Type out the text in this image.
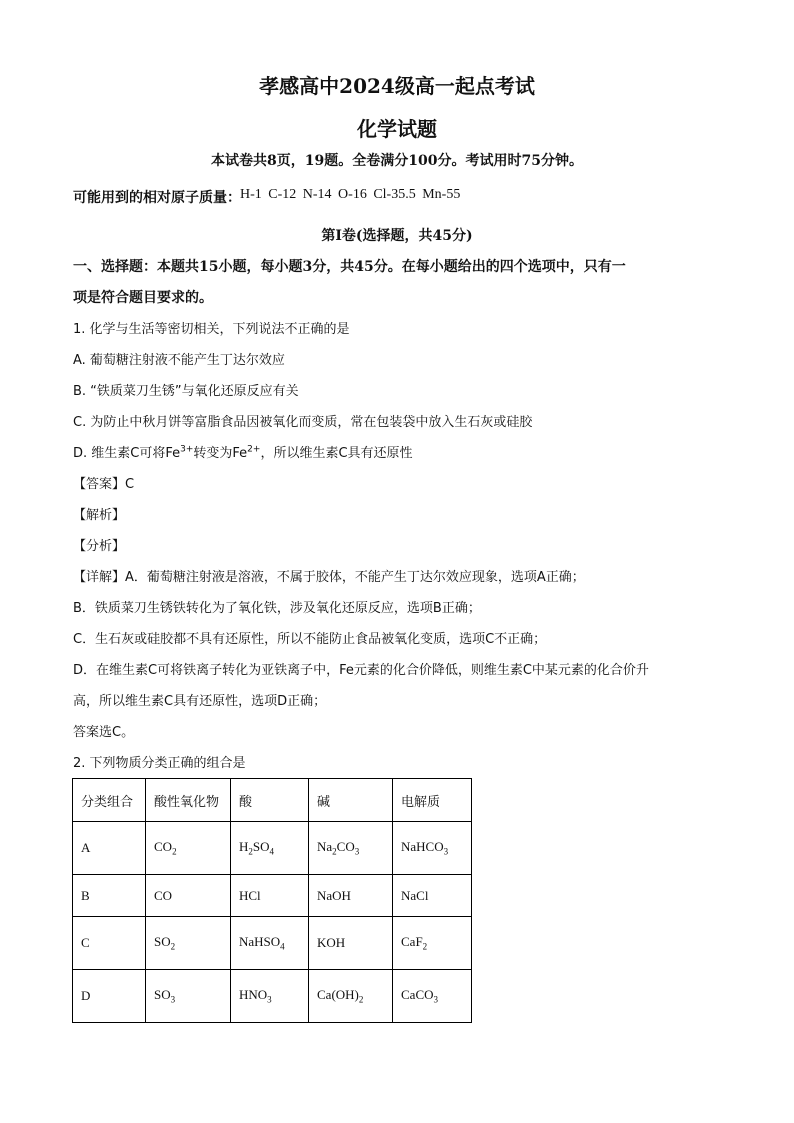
孝感高中2024级高一起点考试
化学试题
本试卷共8页，19题。全卷满分100分。考试用时75分钟。
可能用到的相对原子质量： H-1 C-12 N-14 O-16 Cl-35.5 Mn-55
第I卷(选择题，共45分)
一、选择题：本题共15小题，每小题3分，共45分。在每小题给出的四个选项中，只有一
项是符合题目要求的。
1. 化学与生活等密切相关，下列说法不正确的是
A. 葡萄糖注射液不能产生丁达尔效应
B. “铁质菜刀生锈”与氧化还原反应有关
C. 为防止中秋月饼等富脂食品因被氧化而变质，常在包装袋中放入生石灰或硅胶
D. 维生素C可将$Fe^{3+}$转变为$Fe^{2+}$，所以维生素C具有还原性
【答案】C
【解析】
【分析】
【详解】A．葡萄糖注射液是溶液，不属于胶体，不能产生丁达尔效应现象，选项A正确；
B．铁质菜刀生锈铁转化为了氧化铁，涉及氧化还原反应，选项B正确；
C．生石灰或硅胶都不具有还原性，所以不能防止食品被氧化变质，选项C不正确；
D．在维生素C可将铁离子转化为亚铁离子中，Fe元素的化合价降低，则维生素C中某元素的化合价升
高，所以维生素C具有还原性，选项D正确；
答案选C。
2. 下列物质分类正确的组合是
分类组合	酸性氧化物	酸	碱	电解质
A	$CO_2$	$H_2SO_4$	$Na_2CO_3$	NaHCO$_3$
B	CO	HCl	NaOH	NaCl
C	$SO_2$	NaHSO$_4$	KOH	CaF$_2$
D	$SO_3$	$HNO_3$	$Ca(OH)_2$	CaCO$_3$
